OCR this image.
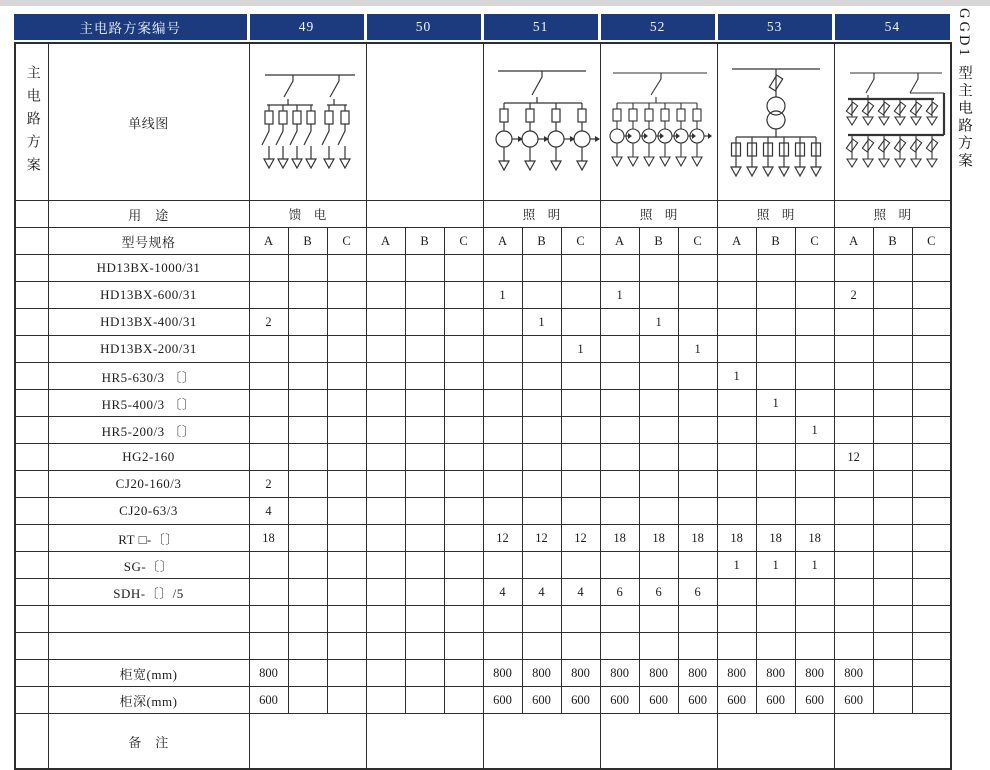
主电路方案编号	49	50	51	52	53	54
主电路方案	单线图	

	用　途	馈　电						照　明			照　明			照　明			照　明		
	型号规格	A	B	C	A	B	C	A	B	C	A	B	C	A	B	C	A	B	C
	HD13BX-1000/31																		
	HD13BX-600/31							1			1						2		
	HD13BX-400/31	2							1			1							
	HD13BX-200/31									1			1						
	HR5-630/3 〔〕													1					
	HR5-400/3 〔〕														1				
	HR5-200/3 〔〕															1			
	HG2-160																12		
	CJ20-160/3	2																	
	CJ20-63/3	4																	
	RT □-〔〕	18						12	12	12	18	18	18	18	18	18			
	SG-〔〕													1	1	1			
	SDH-〔〕/5							4	4	4	6	6	6						

	柜宽(mm)	800						800	800	800	800	800	800	800	800	800	800		
	柜深(mm)	600						600	600	600	600	600	600	600	600	600	600		
	备　注																		
GGD1 型主电路方案
